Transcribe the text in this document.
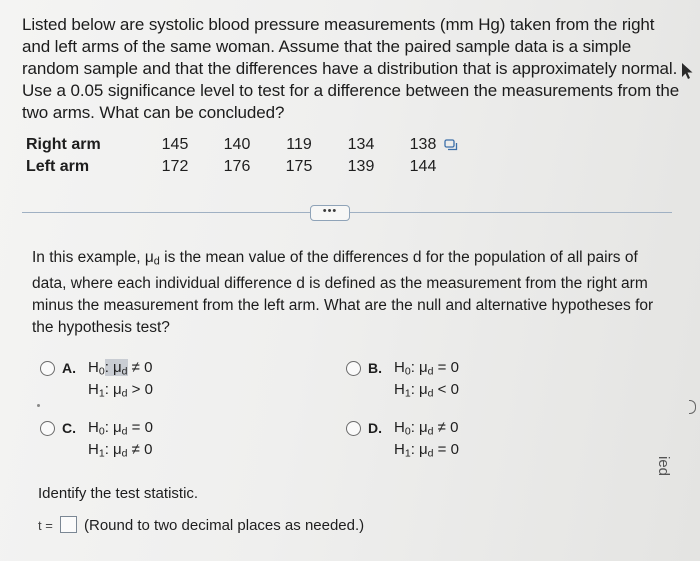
Listed below are systolic blood pressure measurements (mm Hg) taken from the right and left arms of the same woman. Assume that the paired sample data is a simple random sample and that the differences have a distribution that is approximately normal. Use a 0.05 significance level to test for a difference between the measurements from the two arms. What can be concluded?
Right arm	145	140	119	134	138
Left arm	172	176	175	139	144
•••
In this example, $\mu_d$ is the mean value of the differences d for the population of all pairs of data, where each individual difference d is defined as the measurement from the right arm minus the measurement from the left arm. What are the null and alternative hypotheses for the hypothesis test?
A. $H_0$: $\mu_d \ne 0$
$H_1$: $\mu_d > 0$
B. $H_0$: $\mu_d = 0$
$H_1$: $\mu_d < 0$
C. $H_0$: $\mu_d = 0$
$H_1$: $\mu_d \ne 0$
D. $H_0$: $\mu_d \ne 0$
$H_1$: $\mu_d = 0$
Identify the test statistic.
t = (Round to two decimal places as needed.)
ied
